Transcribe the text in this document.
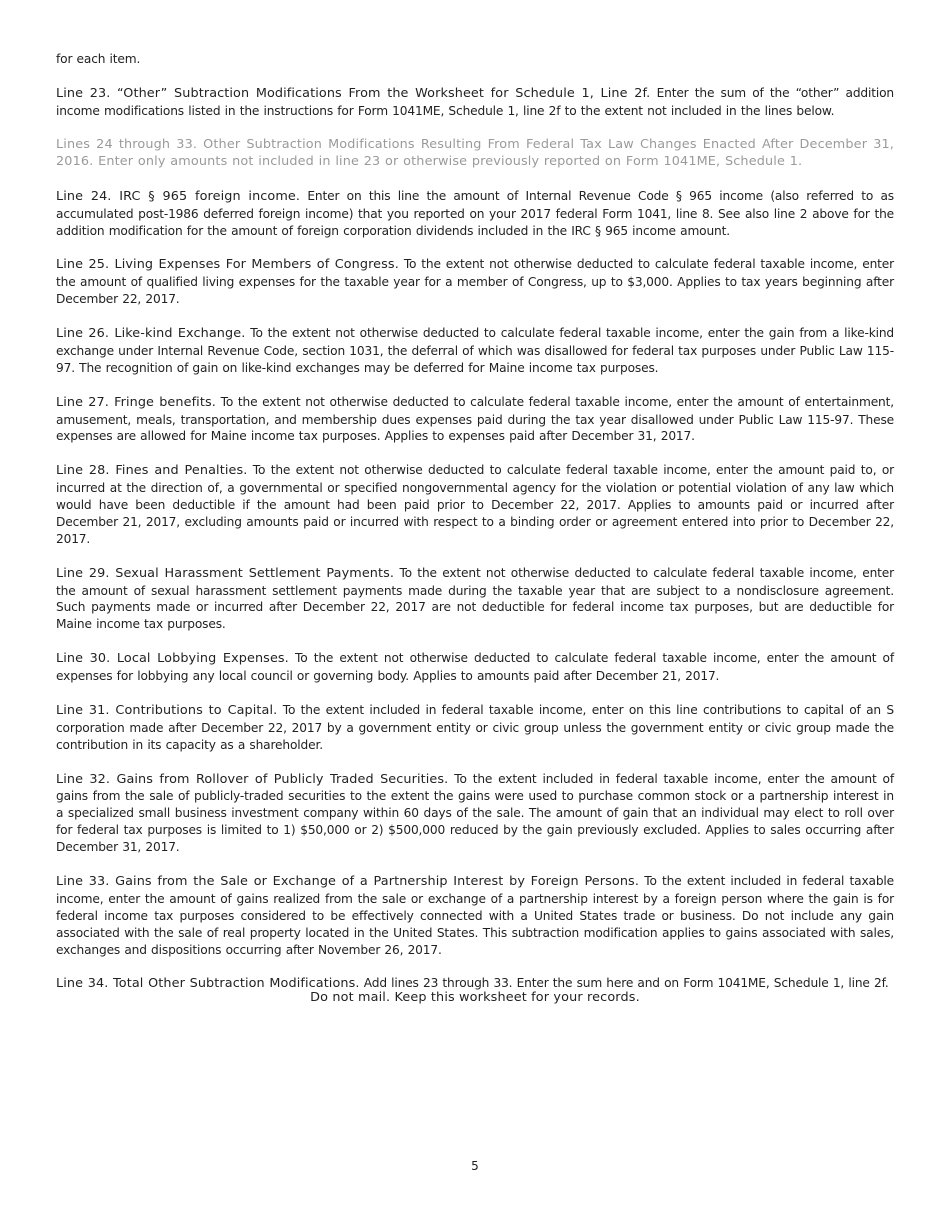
for each item.

Line 23. “Other” Subtraction Modifications From the Worksheet for Schedule 1, Line 2f. Enter the sum of the “other” addition income modifications listed in the instructions for Form 1041ME, Schedule 1, line 2f to the extent not included in the lines below.

Lines 24 through 33. Other Subtraction Modifications Resulting From Federal Tax Law Changes Enacted After December 31, 2016. Enter only amounts not included in line 23 or otherwise previously reported on Form 1041ME, Schedule 1.

Line 24. IRC § 965 foreign income. Enter on this line the amount of Internal Revenue Code § 965 income (also referred to as accumulated post-1986 deferred foreign income) that you reported on your 2017 federal Form 1041, line 8. See also line 2 above for the addition modification for the amount of foreign corporation dividends included in the IRC § 965 income amount.

Line 25. Living Expenses For Members of Congress. To the extent not otherwise deducted to calculate federal taxable income, enter the amount of qualified living expenses for the taxable year for a member of Congress, up to $3,000. Applies to tax years beginning after December 22, 2017.

Line 26. Like-kind Exchange. To the extent not otherwise deducted to calculate federal taxable income, enter the gain from a like-kind exchange under Internal Revenue Code, section 1031, the deferral of which was disallowed for federal tax purposes under Public Law 115-97. The recognition of gain on like-kind exchanges may be deferred for Maine income tax purposes.

Line 27. Fringe benefits. To the extent not otherwise deducted to calculate federal taxable income, enter the amount of entertainment, amusement, meals, transportation, and membership dues expenses paid during the tax year disallowed under Public Law 115-97. These expenses are allowed for Maine income tax purposes. Applies to expenses paid after December 31, 2017.

Line 28. Fines and Penalties. To the extent not otherwise deducted to calculate federal taxable income, enter the amount paid to, or incurred at the direction of, a governmental or specified nongovernmental agency for the violation or potential violation of any law which would have been deductible if the amount had been paid prior to December 22, 2017. Applies to amounts paid or incurred after December 21, 2017, excluding amounts paid or incurred with respect to a binding order or agreement entered into prior to December 22, 2017.

Line 29. Sexual Harassment Settlement Payments. To the extent not otherwise deducted to calculate federal taxable income, enter the amount of sexual harassment settlement payments made during the taxable year that are subject to a nondisclosure agreement. Such payments made or incurred after December 22, 2017 are not deductible for federal income tax purposes, but are deductible for Maine income tax purposes.

Line 30. Local Lobbying Expenses. To the extent not otherwise deducted to calculate federal taxable income, enter the amount of expenses for lobbying any local council or governing body. Applies to amounts paid after December 21, 2017.

Line 31. Contributions to Capital. To the extent included in federal taxable income, enter on this line contributions to capital of an S corporation made after December 22, 2017 by a government entity or civic group unless the government entity or civic group made the contribution in its capacity as a shareholder.

Line 32. Gains from Rollover of Publicly Traded Securities. To the extent included in federal taxable income, enter the amount of gains from the sale of publicly-traded securities to the extent the gains were used to purchase common stock or a partnership interest in a specialized small business investment company within 60 days of the sale. The amount of gain that an individual may elect to roll over for federal tax purposes is limited to 1) $50,000 or 2) $500,000 reduced by the gain previously excluded. Applies to sales occurring after December 31, 2017.

Line 33. Gains from the Sale or Exchange of a Partnership Interest by Foreign Persons. To the extent included in federal taxable income, enter the amount of gains realized from the sale or exchange of a partnership interest by a foreign person where the gain is for federal income tax purposes considered to be effectively connected with a United States trade or business. Do not include any gain associated with the sale of real property located in the United States. This subtraction modification applies to gains associated with sales, exchanges and dispositions occurring after November 26, 2017.

Line 34. Total Other Subtraction Modifications. Add lines 23 through 33. Enter the sum here and on Form 1041ME, Schedule 1, line 2f.

Do not mail. Keep this worksheet for your records.
5
